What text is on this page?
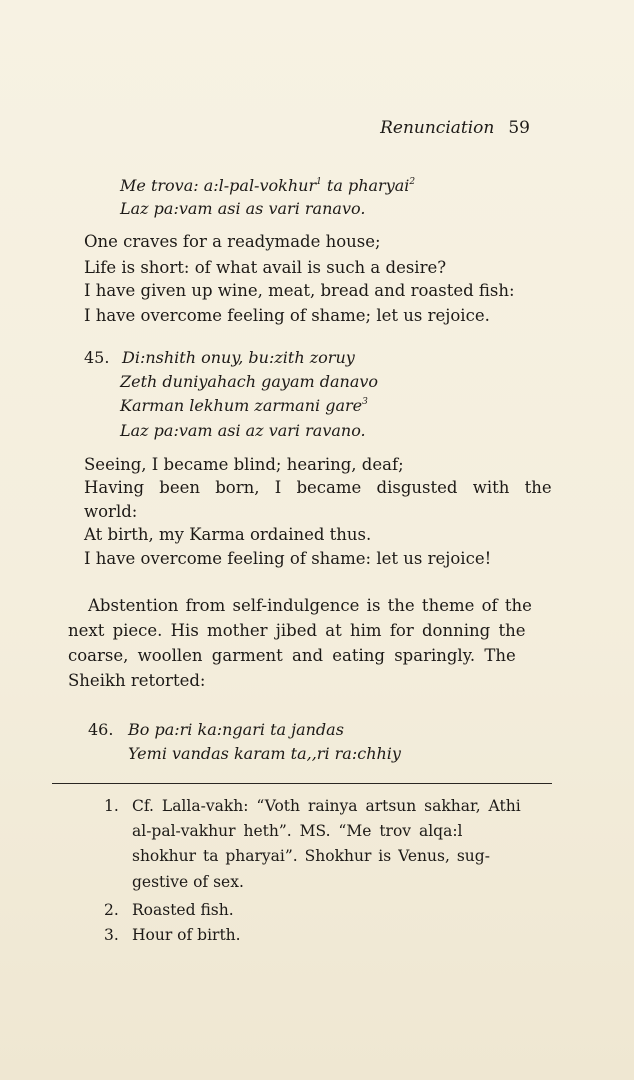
Renunciation 59
Me trova: a:l-pal-vokhur$^1$ ta pharyai$^2$
Laz pa:vam asi as vari ranavo.
One craves for a readymade house;
Life is short: of what avail is such a desire?
I have given up wine, meat, bread and roasted fish:
I have overcome feeling of shame; let us rejoice.
45. Di:nshith onuy, bu:zith zoruy
Zeth duniyahach gayam danavo
Karman lekhum zarmani gare$^3$
Laz pa:vam asi az vari ravano.
Seeing, I became blind; hearing, deaf;
Having been born, I became disgusted with the
world:
At birth, my Karma ordained thus.
I have overcome feeling of shame: let us rejoice!
Abstention from self-indulgence is the theme of the
next piece. His mother jibed at him for donning the
coarse, woollen garment and eating sparingly. The
Sheikh retorted:
46. Bo pa:ri ka:ngari ta jandas
Yemi vandas karam ta,,ri ra:chhiy
1. Cf. Lalla-vakh: “Voth rainya artsun sakhar, Athi
al-pal-vakhur heth”. MS. “Me trov alqa:l
shokhur ta pharyai”. Shokhur is Venus, sug-
gestive of sex.
2. Roasted fish.
3. Hour of birth.
